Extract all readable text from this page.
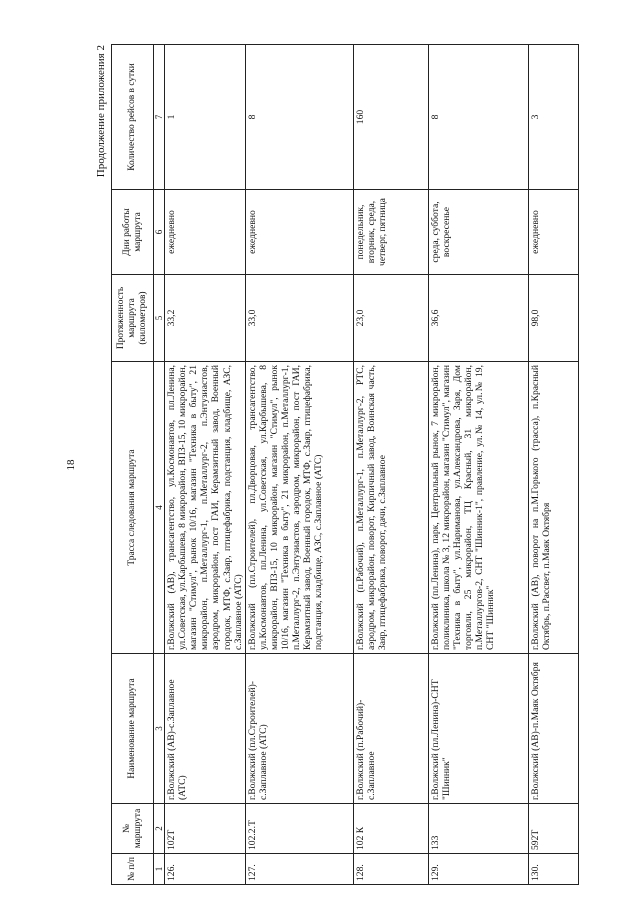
18
Продолжение приложения 2
№ п/п	№ маршрута	Наименование маршрута	Трасса следования маршрута	Протяженность маршрута (километров)	Дни работы маршрута	Количество рейсов в сутки
1	2	3	4	5	6	7
126.	102Т	г.Волжский (АВ)-с.Заплавное (АТС)	г.Волжский (АВ), трансагентство, ул.Космонавтов, пл.Ленина, ул.Советская, ул.Карбышева, 8 микрорайон, ВПЗ-15, 10 микрорайон, магазин "Стимул", рынок 10/16, магазин "Техника в быту", 21 микрорайон, п.Металлург-1, п.Металлург-2, п.Энтузиастов, аэродром, микрорайон, пост ГАИ, Керамзитный завод, Военный городок, МТФ, с.Заяр, птицефабрика, подстанция, кладбище, АЗС, с.Заплавное (АТС)	33,2	ежедневно	1
127.	102.2.Т	г.Волжский (пл.Строителей)-с.Заплавное (АТС)	г.Волжский (пл.Строителей), пл.Дворцовая, трансагентство, ул.Космонавтов, пл.Ленина, ул.Советская, ул.Карбышева, 8 микрорайон, ВПЗ-15, 10 микрорайон, магазин "Стимул", рынок 10/16, магазин "Техника в быту", 21 микрорайон, п.Металлург-1, п.Металлург-2, п.Энтузиастов, аэродром, микрорайон, пост ГАИ, Керамзитный завод, Военный городок, МТФ, с.Заяр, птицефабрика, подстанция, кладбище, АЗС, с.Заплавное (АТС)	33,0	ежедневно	8
128.	102 К	г.Волжский (п.Рабочий)-с.Заплавное	г.Волжский (п.Рабочий), п.Металлург-1, п.Металлург-2, РТС, аэродром, микрорайон, поворот, Кирпичный завод, Воинская часть, Заяр, птицефабрика, поворот, дачи, с.Заплавное	23,0	понедельник, вторник, среда, четверг, пятница	160
129.	133	г.Волжский (пл.Ленина)-СНТ "Шинник"	г.Волжский (пл.Ленина), парк, Центральный рынок, 7 микрорайон, поликлиника, школа № 3, 12 микрорайон, магазин "Стимул", магазин "Техника в быту", ул.Нариманова, ул.Александрова, Заря, Дом торговли, 25 микрорайон, ТЦ Красный, 31 микрорайон, п.Металлургов-2, СНТ "Шинник-1", правление, ул.№ 14, ул.№ 19, СНТ "Шинник"	36,6	среда, суббота, воскресенье	8
130.	592Т	г.Волжский (АВ)-п.Маяк Октября	г.Волжский (АВ), поворот на п.М.Горького (трасса), п.Красный Октябрь, п.Рассвет, п.Маяк Октября	98,0	ежедневно	3
